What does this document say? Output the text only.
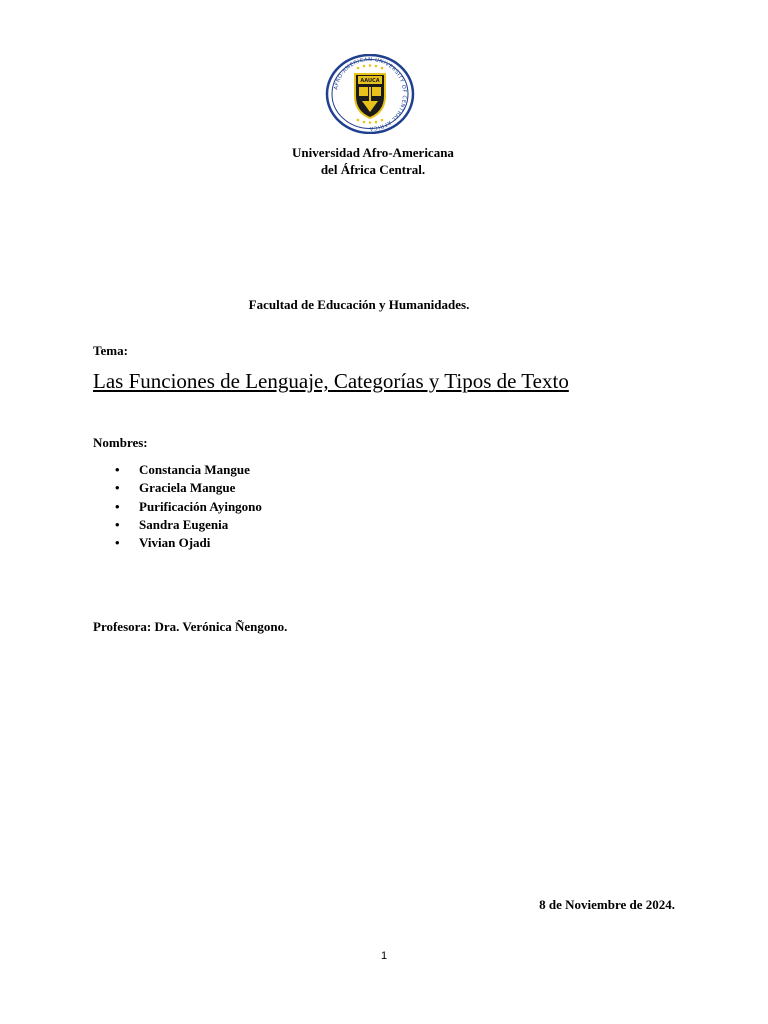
AFRO-AMERICAN UNIVERSITY OF CENTRAL AFRICA
AAUCA
Universidad Afro-Americana
del África Central.
Facultad de Educación y Humanidades.
Tema:
Las Funciones de Lenguaje, Categorías y Tipos de Texto
Nombres:
• Constancia Mangue
• Graciela Mangue
• Purificación Ayingono
• Sandra Eugenia
• Vivian Ojadi
Profesora: Dra. Verónica Ñengono.
8 de Noviembre de 2024.
1
